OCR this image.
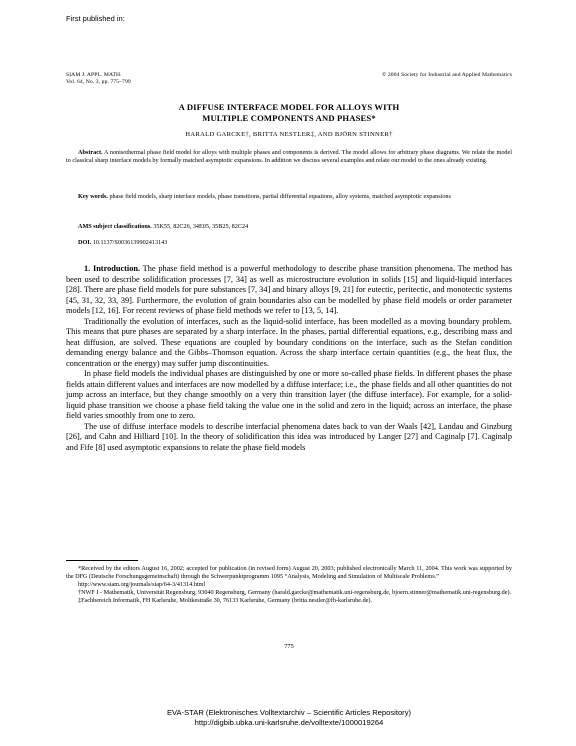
First published in:
SIAM J. APPL. MATH.
Vol. 64, No. 3, pp. 775–799
© 2004 Society for Industrial and Applied Mathematics
A DIFFUSE INTERFACE MODEL FOR ALLOYS WITH
MULTIPLE COMPONENTS AND PHASES*
HARALD GARCKE†, BRITTA NESTLER‡, AND BJÖRN STINNER†
Abstract. A nonisothermal phase field model for alloys with multiple phases and components is derived. The model allows for arbitrary phase diagrams. We relate the model to classical sharp interface models by formally matched asymptotic expansions. In addition we discuss several examples and relate our model to the ones already existing.
Key words. phase field models, sharp interface models, phase transitions, partial differential equations, alloy systems, matched asymptotic expansions
AMS subject classifications. 35K55, 82C26, 34E05, 35B25, 82C24
DOI. 10.1137/S0036139902413143

1. Introduction. The phase field method is a powerful methodology to describe phase transition phenomena. The method has been used to describe solidification processes [7, 34] as well as microstructure evolution in solids [15] and liquid-liquid interfaces [28]. There are phase field models for pure substances [7, 34] and binary alloys [9, 21] for eutectic, peritectic, and monotectic systems [45, 31, 32, 33, 39]. Furthermore, the evolution of grain boundaries also can be modelled by phase field models or order parameter models [12, 16]. For recent reviews of phase field methods we refer to [13, 5, 14].

Traditionally the evolution of interfaces, such as the liquid-solid interface, has been modelled as a moving boundary problem. This means that pure phases are separated by a sharp interface. In the phases, partial differential equations, e.g., describing mass and heat diffusion, are solved. These equations are coupled by boundary conditions on the interface, such as the Stefan condition demanding energy balance and the Gibbs–Thomson equation. Across the sharp interface certain quantities (e.g., the heat flux, the concentration or the energy) may suffer jump discontinuities.

In phase field models the individual phases are distinguished by one or more so-called phase fields. In different phases the phase fields attain different values and interfaces are now modelled by a diffuse interface; i.e., the phase fields and all other quantities do not jump across an interface, but they change smoothly on a very thin transition layer (the diffuse interface). For example, for a solid-liquid phase transition we choose a phase field taking the value one in the solid and zero in the liquid; across an interface, the phase field varies smoothly from one to zero.

The use of diffuse interface models to describe interfacial phenomena dates back to van der Waals [42], Landau and Ginzburg [26], and Cahn and Hilliard [10]. In the theory of solidification this idea was introduced by Langer [27] and Caginalp [7]. Caginalp and Fife [8] used asymptotic expansions to relate the phase field models

*Received by the editors August 16, 2002; accepted for publication (in revised form) August 20, 2003; published electronically March 11, 2004. This work was supported by the DFG (Deutsche Forschungsgemeinschaft) through the Schwerpunktprogramm 1095 “Analysis, Modeling and Simulation of Multiscale Problems.”

http://www.siam.org/journals/siap/64-3/41314.html

†NWF I - Mathematik, Universität Regensburg, 93040 Regensburg, Germany (harald.garcke@mathematik.uni-regensburg.de, bjoern.stinner@mathematik.uni-regensburg.de).

‡Fachbereich Informatik, FH Karlsruhe, Moltkestraße 30, 76133 Karlsruhe, Germany (britta.nestler@fh-karlsruhe.de).

775
EVA-STAR (Elektronisches Volltextarchiv – Scientific Articles Repository)
http://digbib.ubka.uni-karlsruhe.de/volltexte/1000019264
